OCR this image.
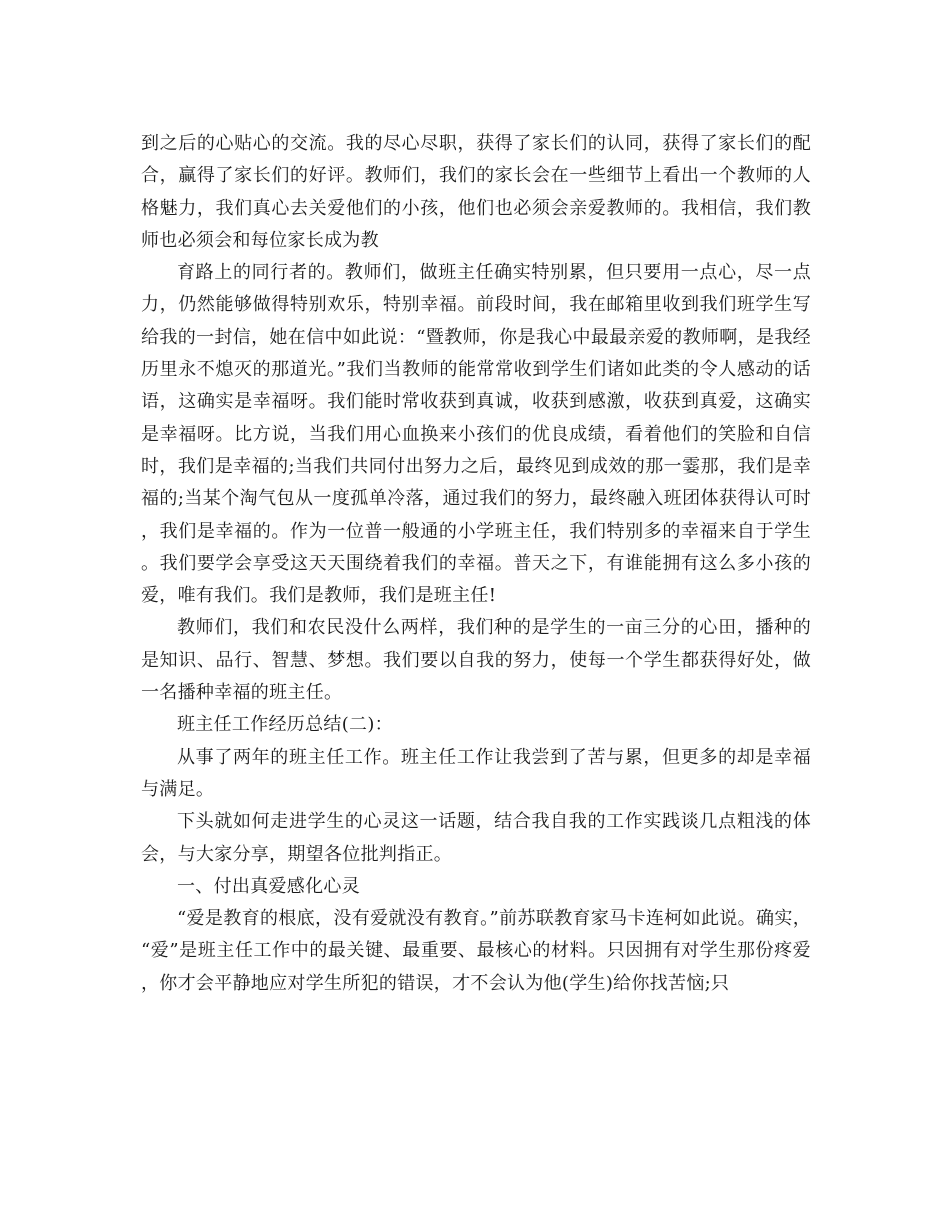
到之后的心贴心的交流。我的尽心尽职，获得了家长们的认同，获得了家长们的配合，赢得了家长们的好评。教师们，我们的家长会在一些细节上看出一个教师的人格魅力，我们真心去关爱他们的小孩，他们也必须会亲爱教师的。我相信，我们教师也必须会和每位家长成为教

育路上的同行者的。教师们，做班主任确实特别累，但只要用一点心，尽一点力，仍然能够做得特别欢乐，特别幸福。前段时间，我在邮箱里收到我们班学生写给我的一封信，她在信中如此说：“暨教师，你是我心中最最亲爱的教师啊，是我经历里永不熄灭的那道光。”我们当教师的能常常收到学生们诸如此类的令人感动的话语，这确实是幸福呀。我们能时常收获到真诚，收获到感激，收获到真爱，这确实是幸福呀。比方说，当我们用心血换来小孩们的优良成绩，看着他们的笑脸和自信时，我们是幸福的;当我们共同付出努力之后，最终见到成效的那一霎那，我们是幸福的;当某个淘气包从一度孤单冷落，通过我们的努力，最终融入班团体获得认可时，我们是幸福的。作为一位普一般通的小学班主任，我们特别多的幸福来自于学生。我们要学会享受这天天围绕着我们的幸福。普天之下，有谁能拥有这么多小孩的爱，唯有我们。我们是教师，我们是班主任!

教师们，我们和农民没什么两样，我们种的是学生的一亩三分的心田，播种的是知识、品行、智慧、梦想。我们要以自我的努力，使每一个学生都获得好处，做一名播种幸福的班主任。

班主任工作经历总结(二)：

从事了两年的班主任工作。班主任工作让我尝到了苦与累，但更多的却是幸福与满足。

下头就如何走进学生的心灵这一话题，结合我自我的工作实践谈几点粗浅的体会，与大家分享，期望各位批判指正。

一、付出真爱感化心灵

“爱是教育的根底，没有爱就没有教育。”前苏联教育家马卡连柯如此说。确实，“爱”是班主任工作中的最关键、最重要、最核心的材料。只因拥有对学生那份疼爱，你才会平静地应对学生所犯的错误，才不会认为他(学生)给你找苦恼;只
